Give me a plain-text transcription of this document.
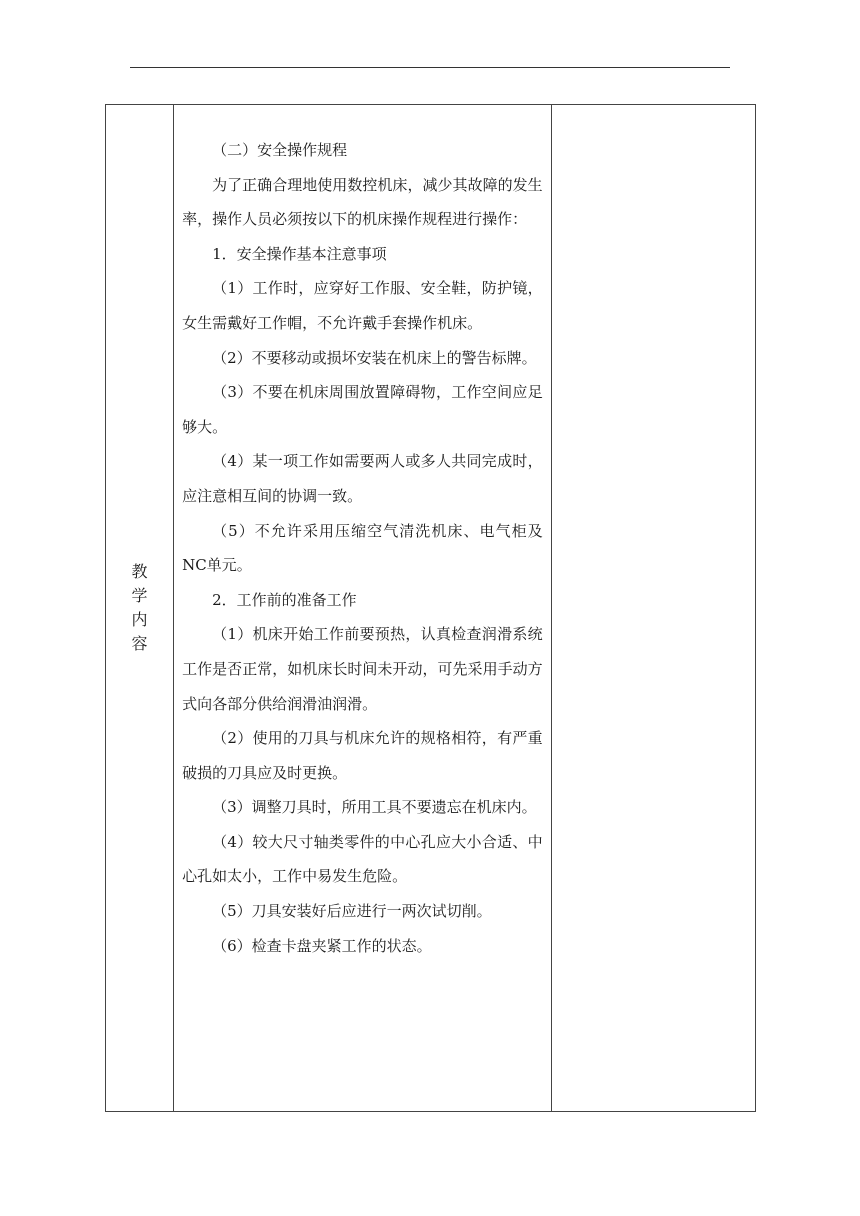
教学内容	

（二）安全操作规程

为了正确合理地使用数控机床，减少其故障的发生率，操作人员必须按以下的机床操作规程进行操作：

1．安全操作基本注意事项

（1）工作时，应穿好工作服、安全鞋，防护镜，女生需戴好工作帽，不允许戴手套操作机床。

（2）不要移动或损坏安装在机床上的警告标牌。

（3）不要在机床周围放置障碍物，工作空间应足够大。

（4）某一项工作如需要两人或多人共同完成时，应注意相互间的协调一致。

（5）不允许采用压缩空气清洗机床、电气柜及NC单元。

2．工作前的准备工作

（1）机床开始工作前要预热，认真检查润滑系统工作是否正常，如机床长时间未开动，可先采用手动方式向各部分供给润滑油润滑。

（2）使用的刀具与机床允许的规格相符，有严重破损的刀具应及时更换。

（3）调整刀具时，所用工具不要遗忘在机床内。

（4）较大尺寸轴类零件的中心孔应大小合适、中心孔如太小，工作中易发生危险。

（5）刀具安装好后应进行一两次试切削。

（6）检查卡盘夹紧工作的状态。
